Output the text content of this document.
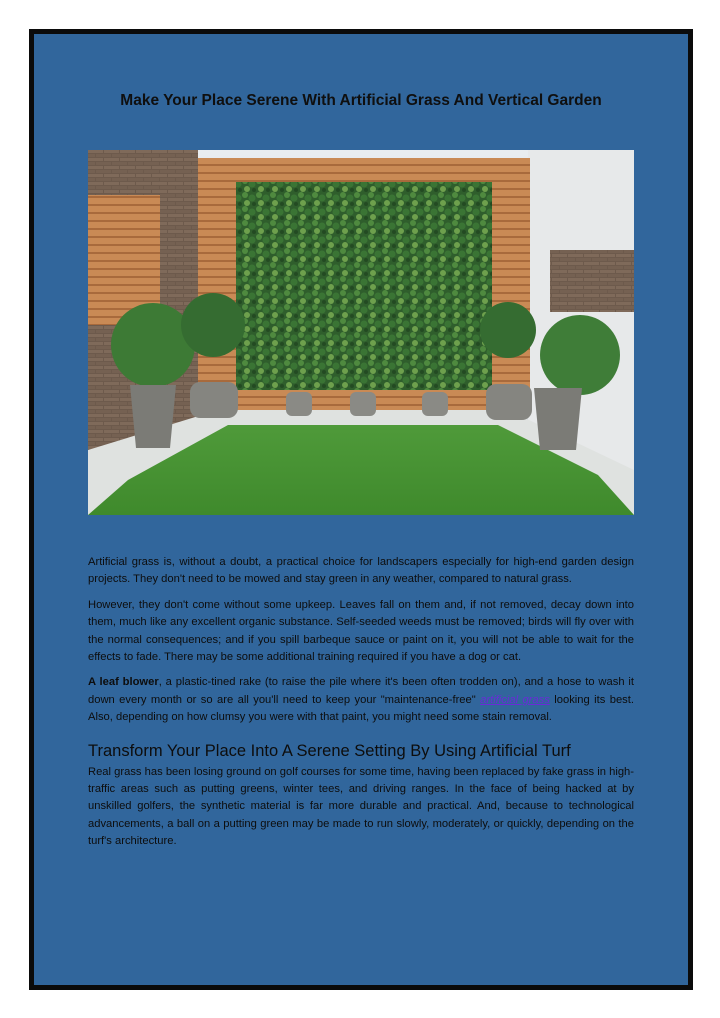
Make Your Place Serene With Artificial Grass And Vertical Garden

Artificial grass is, without a doubt, a practical choice for landscapers especially for high-end garden design projects. They don't need to be mowed and stay green in any weather, compared to natural grass.

However, they don't come without some upkeep. Leaves fall on them and, if not removed, decay down into them, much like any excellent organic substance. Self-seeded weeds must be removed; birds will fly over with the normal consequences; and if you spill barbeque sauce or paint on it, you will not be able to wait for the effects to fade. There may be some additional training required if you have a dog or cat.

A leaf blower, a plastic-tined rake (to raise the pile where it's been often trodden on), and a hose to wash it down every month or so are all you'll need to keep your "maintenance-free" artificial grass looking its best. Also, depending on how clumsy you were with that paint, you might need some stain removal.

Transform Your Place Into A Serene Setting By Using Artificial Turf

Real grass has been losing ground on golf courses for some time, having been replaced by fake grass in high-traffic areas such as putting greens, winter tees, and driving ranges. In the face of being hacked at by unskilled golfers, the synthetic material is far more durable and practical. And, because to technological advancements, a ball on a putting green may be made to run slowly, moderately, or quickly, depending on the turf's architecture.
